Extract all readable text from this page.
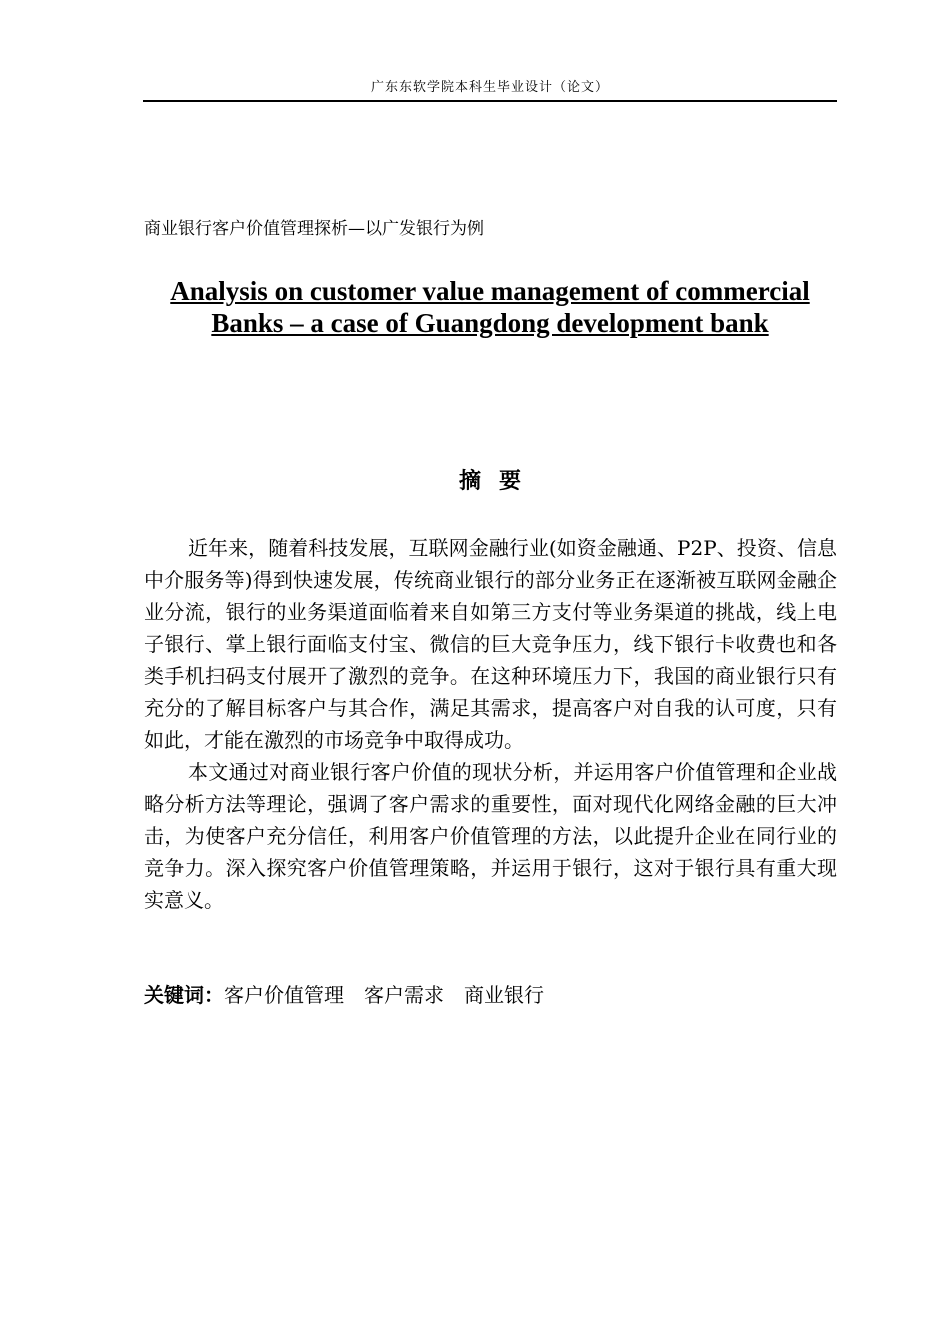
广东东软学院本科生毕业设计（论文）
商业银行客户价值管理探析—以广发银行为例
Analysis on customer value management of commercial Banks – a case of Guangdong development bank
摘要

近年来，随着科技发展，互联网金融行业(如资金融通、P2P、投资、信息中介服务等)得到快速发展，传统商业银行的部分业务正在逐渐被互联网金融企业分流，银行的业务渠道面临着来自如第三方支付等业务渠道的挑战，线上电子银行、掌上银行面临支付宝、微信的巨大竞争压力，线下银行卡收费也和各类手机扫码支付展开了激烈的竞争。在这种环境压力下，我国的商业银行只有充分的了解目标客户与其合作，满足其需求，提高客户对自我的认可度，只有如此，才能在激烈的市场竞争中取得成功。

本文通过对商业银行客户价值的现状分析，并运用客户价值管理和企业战略分析方法等理论，强调了客户需求的重要性，面对现代化网络金融的巨大冲击，为使客户充分信任，利用客户价值管理的方法，以此提升企业在同行业的竞争力。深入探究客户价值管理策略，并运用于银行，这对于银行具有重大现实意义。

关键词：客户价值管理 客户需求 商业银行
